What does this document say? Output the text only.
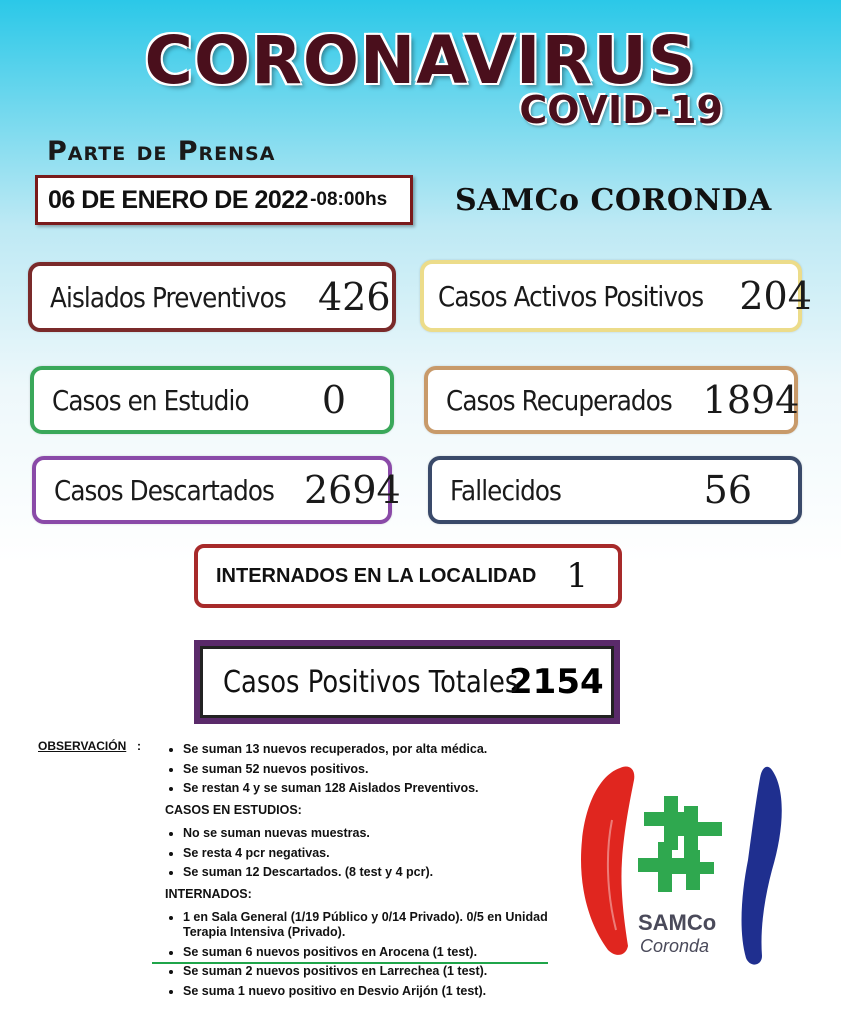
CORONAVIRUS
COVID-19
Parte de Prensa
06 DE ENERO DE 2022 -08:00hs SAMCo CORONDA
Aislados Preventivos 426 Casos Activos Positivos 204
Casos en Estudio 0	Casos Recuperados 1894
Casos Descartados 2694 Fallecidos	56
INTERNADOS EN LA LOCALIDAD 1
Casos Positivos Totales
2154
OBSERVACIÓN :
•	Se suman 13 nuevos recuperados, por alta médica.
• Se suman 52 nuevos positivos.
• Se restan 4 y se suman 128 Aislados Preventivos.
CASOS EN ESTUDIOS:
• No se suman nuevas muestras.
• Se resta 4 pcr negativas.
• Se suman 12 Descartados. (8 test y 4 pcr).
INTERNADOS:
• 1 en Sala General (1/19 Público y 0/14 Privado). 0/5 en Unidad Terapia Intensiva (Privado).
• Se suman 6 nuevos positivos en Arocena (1 test).
• Se suman 2 nuevos positivos en Larrechea (1 test).
• Se suma 1 nuevo positivo en Desvio Arijón (1 test).
SAMCo
Coronda
